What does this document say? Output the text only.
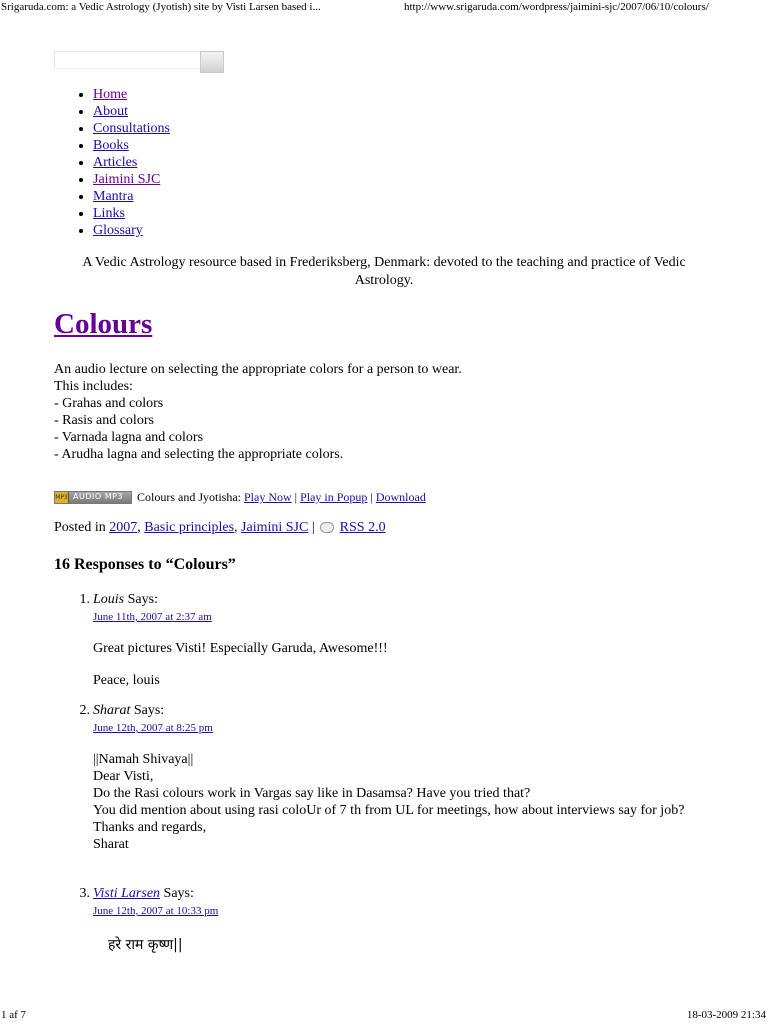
Srigaruda.com: a Vedic Astrology (Jyotish) site by Visti Larsen based i...	http://www.srigaruda.com/wordpress/jaimini-sjc/2007/06/10/colours/
• Home
• About
• Consultations
• Books
• Articles
• Jaimini SJC
• Mantra
• Links
• Glossary
A Vedic Astrology resource based in Frederiksberg, Denmark: devoted to the teaching and practice of Vedic Astrology.
Colours
An audio lecture on selecting the appropriate colors for a person to wear.
This includes:
- Grahas and colors
- Rasis and colors
- Varnada lagna and colors
- Arudha lagna and selecting the appropriate colors.
MP3 AUDIO MP3 Colours and Jyotisha:
Play Now | Play in Popup | Download
Posted in 2007, Basic principles, Jaimini SJC | RSS 2.0
16 Responses to “Colours”
1. Louis Says:
June 11th, 2007 at 2:37 am

Great pictures Visti! Especially Garuda, Awesome!!!

Peace, louis

2. Sharat Says:
June 12th, 2007 at 8:25 pm

||Namah Shivaya||

Dear Visti,

Do the Rasi colours work in Vargas say like in Dasamsa? Have you tried that?

You did mention about using rasi coloUr of 7 th from UL for meetings, how about interviews say for job?

Thanks and regards,

Sharat

3. Visti Larsen Says:
June 12th, 2007 at 10:33 pm

हरे राम कृष्ण||

1 af 7	18-03-2009 21:34
